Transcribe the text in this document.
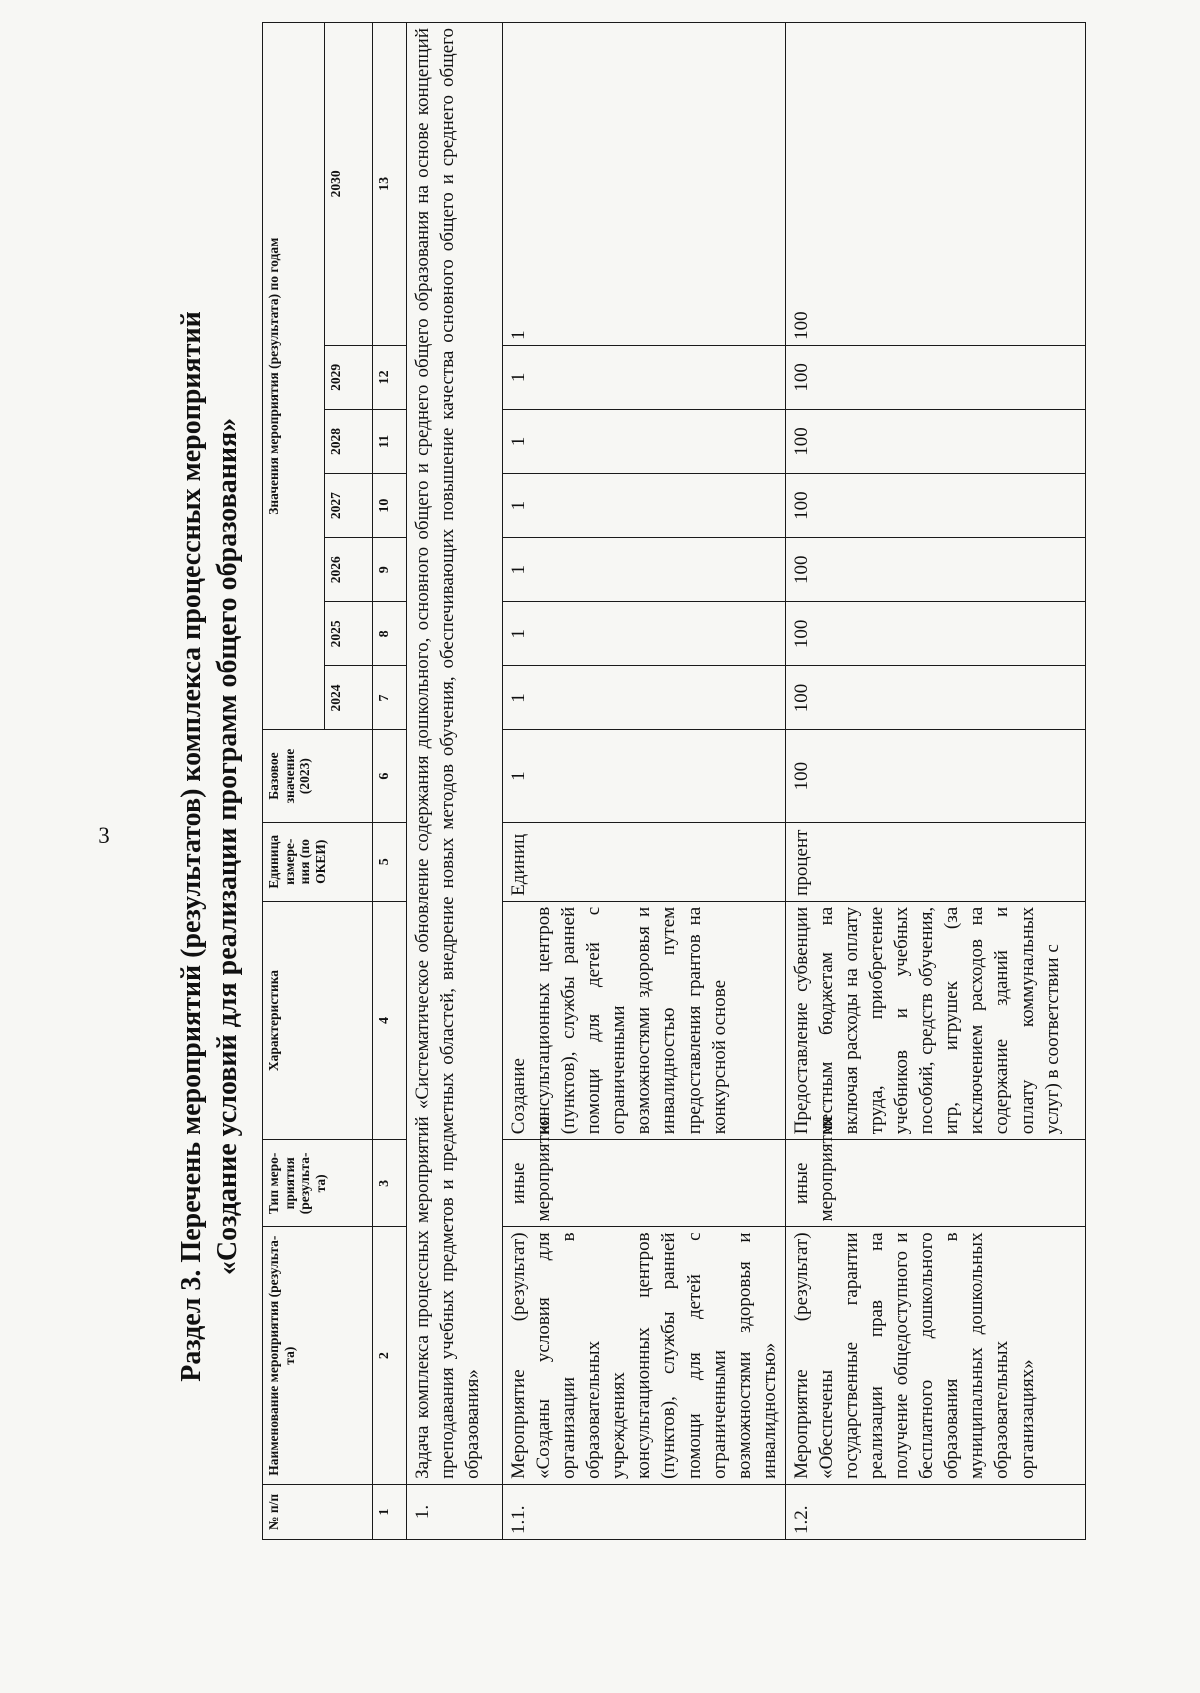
3	Раздел 3. Перечень мероприятий (результатов) комплекса процессных мероприятий «Создание условий для реализации программ общего образования»
№ п/п	Наименование мероприятия (результа-та)	Тип меро-приятия (результа-та)	Характеристика	Единица измере-ния (по ОКЕИ)	Базовое значение (2023)	Значения мероприятия (результата) по годам						
						2024	2025	2026	2027	2028	2029	2030
1	2	3	4	5	6	7	8	9	10	11	12	13
1.	Задача комплекса процессных мероприятий «Систематическое обновление содержания дошкольного, основного общего и среднего общего образования на основе концепций преподавания учебных предметов и предметных областей, внедрение новых методов обучения, обеспечивающих повышение качества основного общего и среднего общего образования»											
1.1.	Мероприятие (результат) «Созданы условия для организации в образовательных учреждениях консультационных центров (пунктов), службы ранней помощи для детей с ограниченными возможностями здоровья и инвалидностью»	иные мероприятия	Создание консультационных центров (пунктов), службы ранней помощи для детей с ограниченными возможностями здоровья и инвалидностью путем предоставления грантов на конкурсной основе	Единиц	1	1	1	1	1	1	1	1
1.2.	Мероприятие (результат) «Обеспечены государственные гарантии реализации прав на получение общедоступного и бесплатного дошкольного образования в муниципальных дошкольных образовательных организациях»	иные мероприятия	Предоставление субвенции местным бюджетам на включая расходы на оплату труда, приобретение учебников и учебных пособий, средств обучения, игр, игрушек (за исключением расходов на содержание зданий и оплату коммунальных услуг) в соответствии с	процент	100	100	100	100	100	100	100	100
